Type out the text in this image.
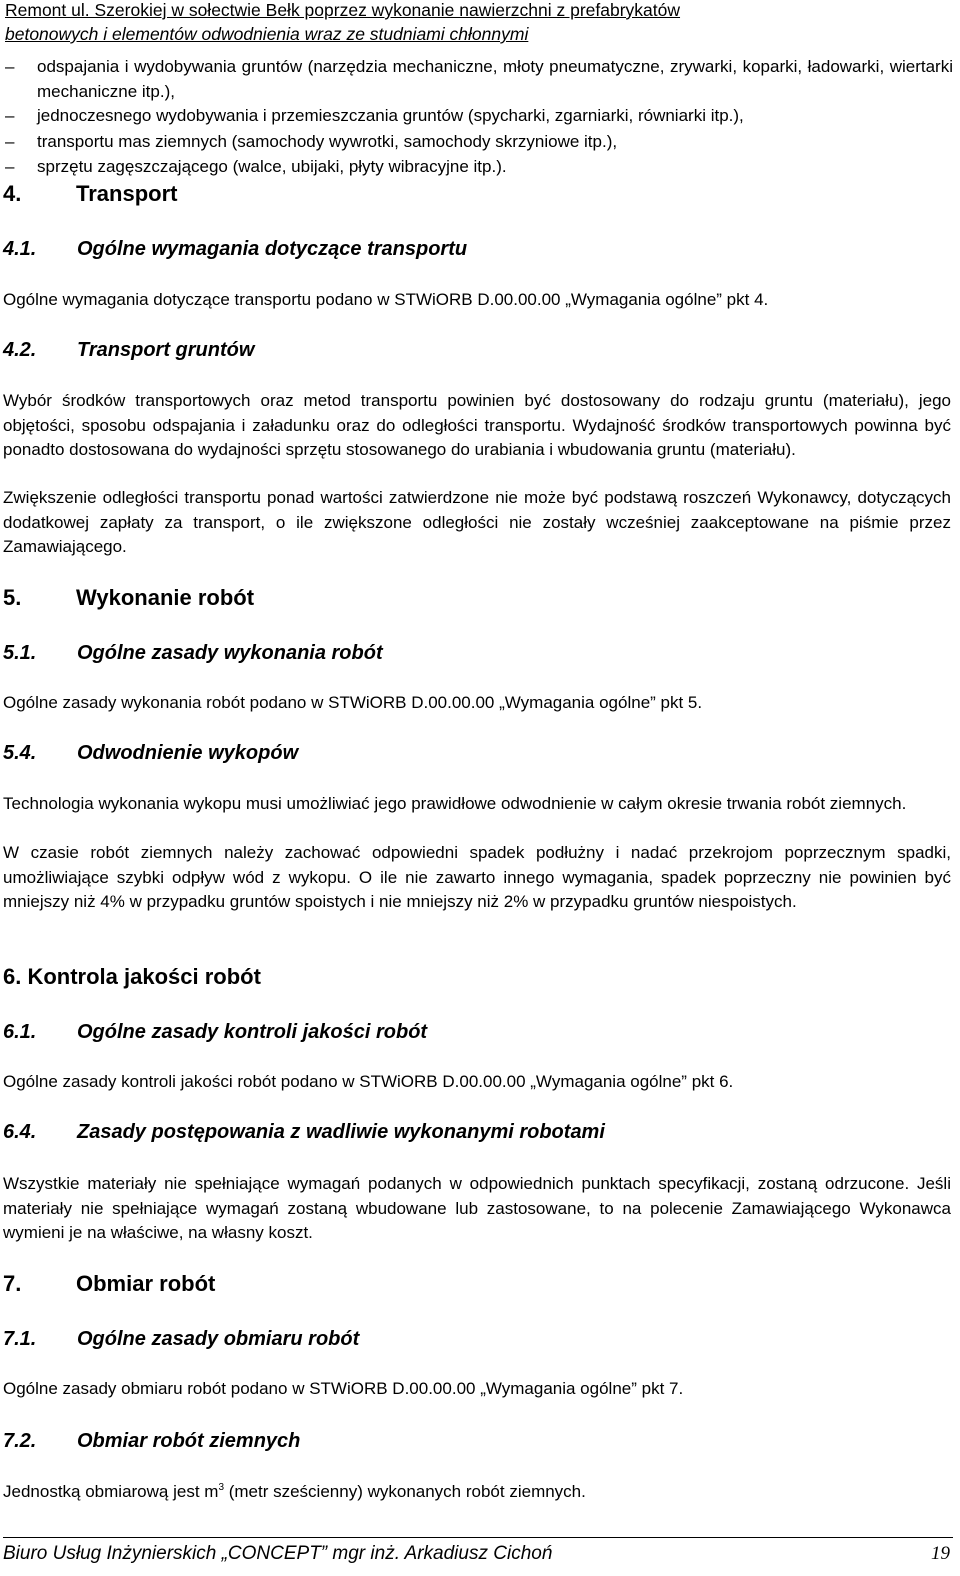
Remont ul. Szerokiej w sołectwie Bełk poprzez wykonanie nawierzchni z prefabrykatów
betonowych i elementów odwodnienia wraz ze studniami chłonnymi
–	odspajania i wydobywania gruntów (narzędzia mechaniczne, młoty pneumatyczne, zrywarki, koparki, ładowarki, wiertarki mechaniczne itp.),
–	jednoczesnego wydobywania i przemieszczania gruntów (spycharki, zgarniarki, równiarki itp.),
–	transportu mas ziemnych (samochody wywrotki, samochody skrzyniowe itp.),
–	sprzętu zagęszczającego (walce, ubijaki, płyty wibracyjne itp.).
4. Transport
4.1. Ogólne wymagania dotyczące transportu
Ogólne wymagania dotyczące transportu podano w STWiORB D.00.00.00 „Wymagania ogólne” pkt 4.
4.2. Transport gruntów
Wybór środków transportowych oraz metod transportu powinien być dostosowany do rodzaju gruntu (materiału), jego objętości, sposobu odspajania i załadunku oraz do odległości transportu. Wydajność środków transportowych powinna być ponadto dostosowana do wydajności sprzętu stosowanego do urabiania i wbudowania gruntu (materiału).
Zwiększenie odległości transportu ponad wartości zatwierdzone nie może być podstawą roszczeń Wykonawcy, dotyczących dodatkowej zapłaty za transport, o ile zwiększone odległości nie zostały wcześniej zaakceptowane na piśmie przez Zamawiającego.
5. Wykonanie robót
5.1. Ogólne zasady wykonania robót
Ogólne zasady wykonania robót podano w STWiORB D.00.00.00 „Wymagania ogólne” pkt 5.
5.4. Odwodnienie wykopów
Technologia wykonania wykopu musi umożliwiać jego prawidłowe odwodnienie w całym okresie trwania robót ziemnych.
W czasie robót ziemnych należy zachować odpowiedni spadek podłużny i nadać przekrojom poprzecznym spadki, umożliwiające szybki odpływ wód z wykopu. O ile nie zawarto innego wymagania, spadek poprzeczny nie powinien być mniejszy niż 4% w przypadku gruntów spoistych i nie mniejszy niż 2% w przypadku gruntów niespoistych.
6. Kontrola jakości robót
6.1. Ogólne zasady kontroli jakości robót
Ogólne zasady kontroli jakości robót podano w STWiORB D.00.00.00 „Wymagania ogólne” pkt 6.
6.4. Zasady postępowania z wadliwie wykonanymi robotami
Wszystkie materiały nie spełniające wymagań podanych w odpowiednich punktach specyfikacji, zostaną odrzucone. Jeśli materiały nie spełniające wymagań zostaną wbudowane lub zastosowane, to na polecenie Zamawiającego Wykonawca wymieni je na właściwe, na własny koszt.
7. Obmiar robót
7.1. Ogólne zasady obmiaru robót
Ogólne zasady obmiaru robót podano w STWiORB D.00.00.00 „Wymagania ogólne” pkt 7.
7.2. Obmiar robót ziemnych
Jednostką obmiarową jest $m^3$ (metr sześcienny) wykonanych robót ziemnych.
Biuro Usług Inżynierskich „CONCEPT” mgr inż. Arkadiusz Cichoń	19
